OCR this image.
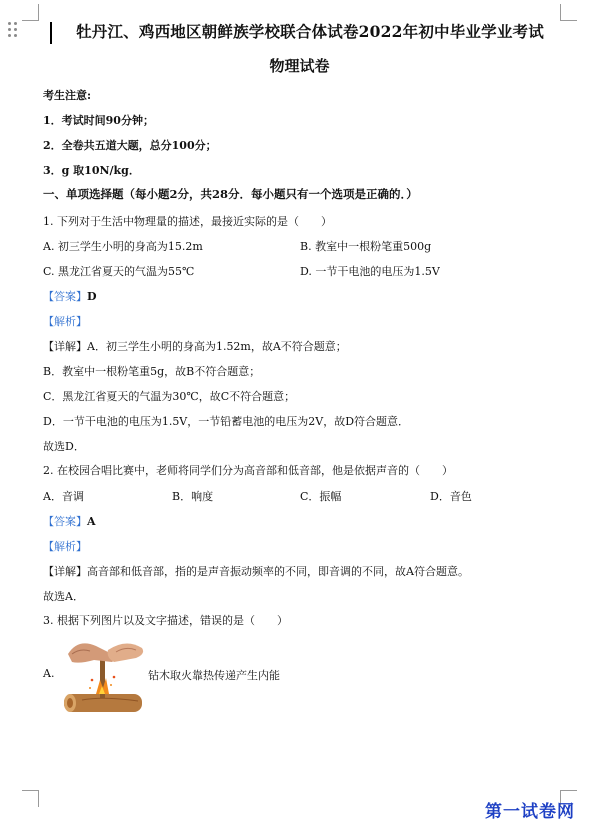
牡丹江、鸡西地区朝鲜族学校联合体试卷2022年初中毕业学业考试
物理试卷
考生注意:
1．考试时间90分钟；
2．全卷共五道大题，总分100分；
3．g 取10N/kg．
一、单项选择题（每小题2分，共28分．每小题只有一个选项是正确的．）
1. 下列对于生活中物理量的描述，最接近实际的是（　　）
A. 初三学生小明的身高为15.2m	B. 教室中一根粉笔重500g
C. 黑龙江省夏天的气温为55℃	D. 一节干电池的电压为1.5V
【答案】D
【解析】
【详解】A．初三学生小明的身高为1.52m，故A不符合题意；
B．教室中一根粉笔重5g，故B不符合题意；
C．黑龙江省夏天的气温为30℃，故C不符合题意；
D．一节干电池的电压为1.5V，一节铅蓄电池的电压为2V，故D符合题意．
故选D．
2. 在校园合唱比赛中，老师将同学们分为高音部和低音部，他是依据声音的（　　）
A．音调	B．响度	C．振幅	D．音色
【答案】A
【解析】
【详解】高音部和低音部，指的是声音振动频率的不同，即音调的不同，故A符合题意。
故选A．
3. 根据下列图片以及文字描述，错误的是（　　）
A.	钻木取火靠热传递产生内能
第一试卷网
